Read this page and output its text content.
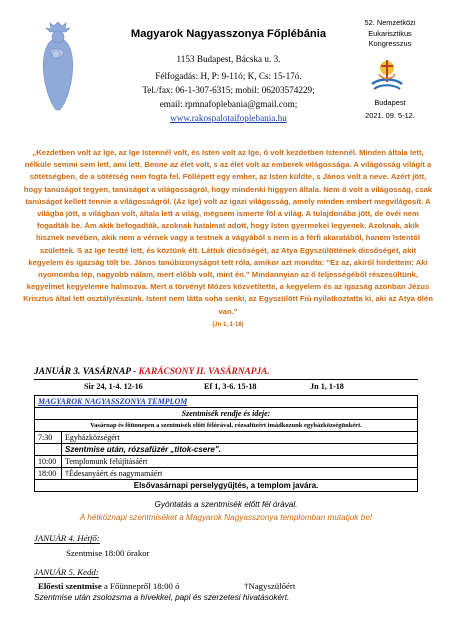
Magyarok Nagyasszonya Főplébánia
1153 Budapest, Bácska u. 3.
Félfogadás: H, P: 9-11ó; K, Cs: 15-17ó.
Tel./fax: 06-1-307-6315; mobil: 06203574229;
email: rpmnafoplebania@gmail.com;
www.rakospalotaifoplebania.hu
52. Nemzetközi
Eukarisztikus
Kongresszus
Budapest
2021. 09. 5-12.
„Kezdetben volt az Ige, az Ige Istennél volt, és Isten volt az Ige, ő volt kezdetben Istennél. Minden általa lett, nélküle semmi sem lett, ami lett. Benne az élet volt, s az élet volt az emberek világossága. A világosság világít a sötétségben, de a sötétség nem fogta fel. Föllépett egy ember, az Isten küldte, s János volt a neve. Azért jött, hogy tanúságot tegyen, tanúságot a világosságról, hogy mindenki higgyen általa. Nem ő volt a világosság, csak tanúságot kellett tennie a világosságról. (Az Ige) volt az igazi világosság, amely minden embert megvilágosít. A világba jött, a világban volt, általa lett a világ, mégsem ismerte föl a világ. A tulajdonába jött, de övéi nem fogadták be. Ám akik befogadták, azoknak hatalmat adott, hogy Isten gyermekei legyenek. Azoknak, akik hisznek nevében, akik nem a vérnek vagy a testnek a vágyából s nem is a férfi akaratából, hanem Istentől születtek. S az Ige testté lett, és köztünk élt. Láttuk dicsőségét, az Atya Egyszülöttének dicsőségét, akit kegyelem és igazság tölt be. János tanúbizonyságot tett róla, amikor azt mondta: "Ez az, akiről hirdettem: Aki nyomomba lép, nagyobb nálam, mert előbb volt, mint én." Mindannyian az ő teljességéből részesültünk, kegyelmet kegyelemre halmozva. Mert a törvényt Mózes közvetítette, a kegyelem és az igazság azonban Jézus Krisztus által lett osztályrészünk. Istent nem látta soha senki, az Egyszülött Fiú nyilatkoztatta ki, aki az Atya ölén van."
(Jn 1, 1-18)
JANUÁR 3. VASÁRNAP - KARÁCSONY II. VASÁRNAPJA.
Sir 24, 1-4. 12-16	Ef 1, 3-6. 15-18	Jn 1, 1-18
MAGYAROK NAGYASSZONYA TEMPLOM	
Szentmisék rendje és ideje:	
Vasárnap és főünnepen a szentmisék előtt félórával, rózsafüzért imádkozunk egyházközségünkért.	
7:30	Egyházközségért
	Szentmise után, rózsafüzér „titok-csere".
10:00	Templomunk felújításáért
18:00	†Édesanyáért és nagymamáért
Elsővasárnapi perselygyűjtés, a templom javára.	
Gyóntatás a szentmisék előtt fél órával.
A hétköznapi szentmiséket a Magyarok Nagyasszonya templomban mutatjuk be!
JANUÁR 4. Hétfő:
Szentmise 18:00 órakor
JANUÁR 5. Kedd:
Előesti szentmise a Főünnepről 18:00 ó	†Nagyszülőért
Szentmise után zsolozsma a hívekkel, papi és szerzetesi hivatásokért.
